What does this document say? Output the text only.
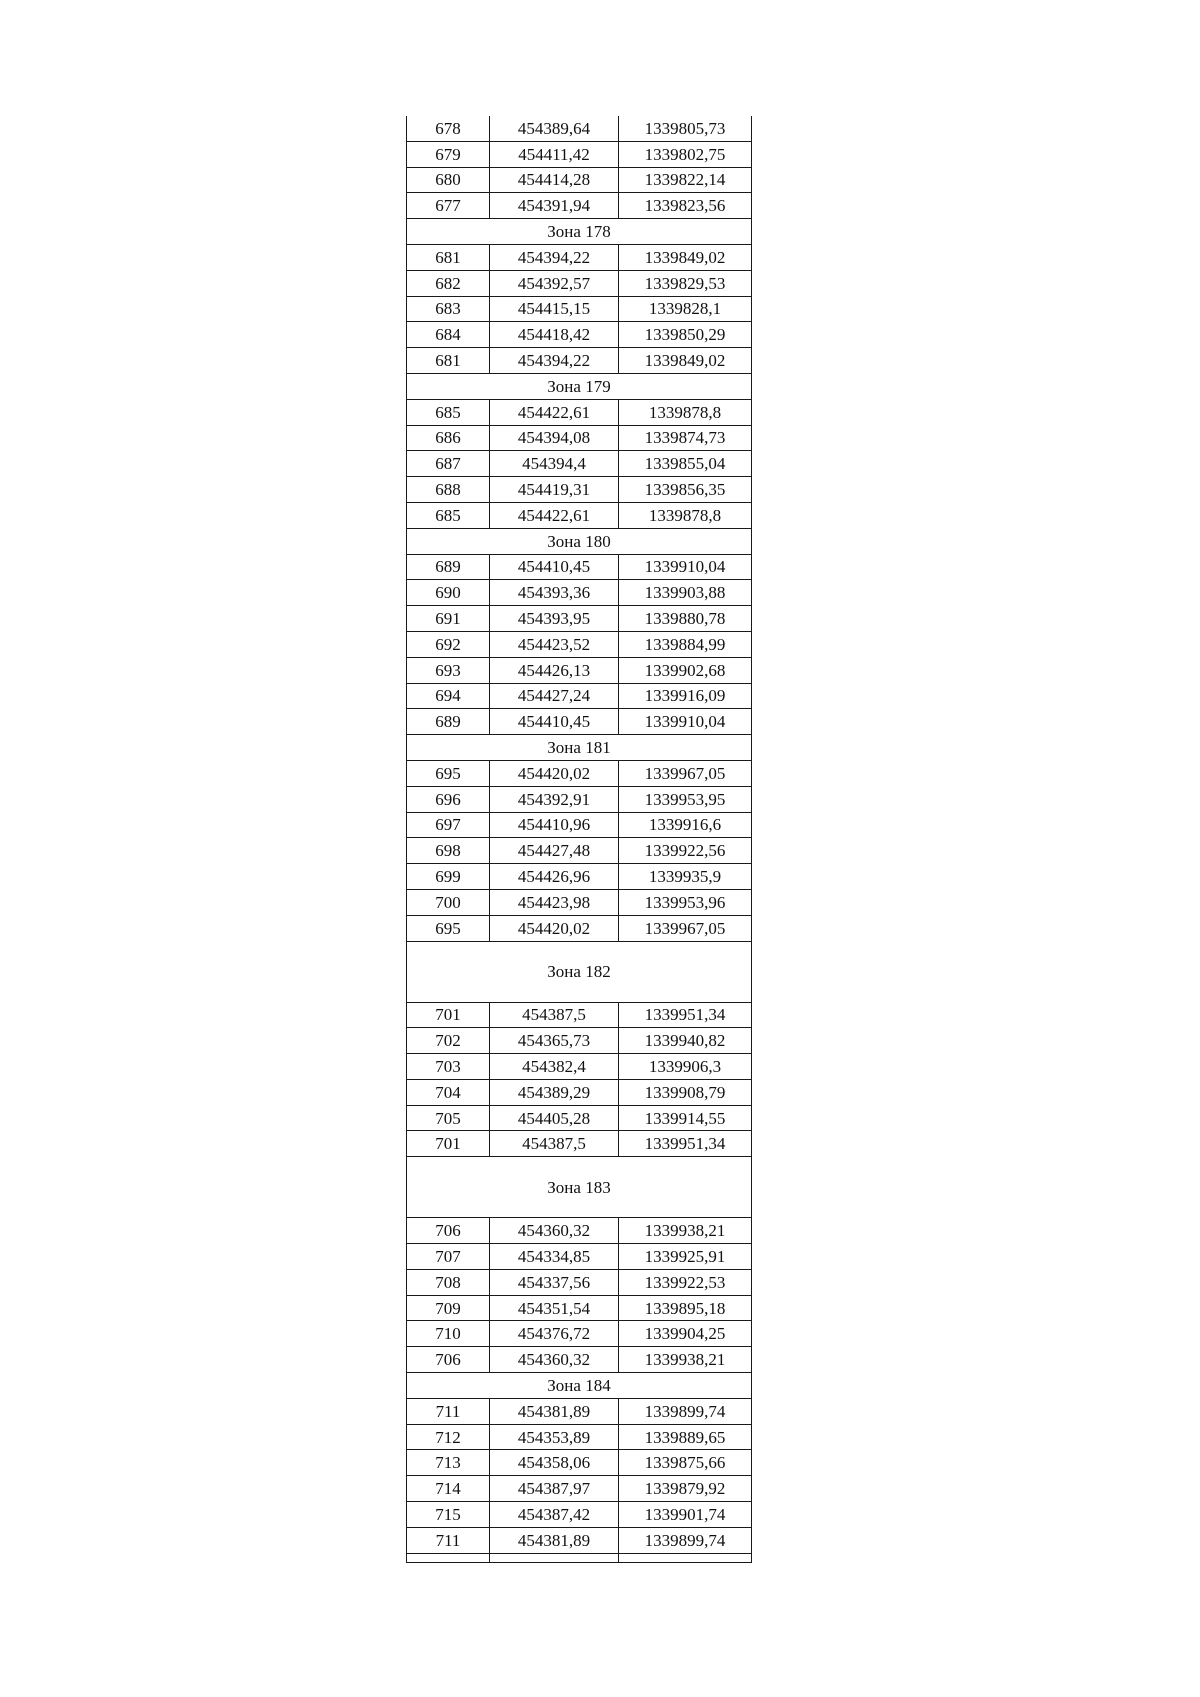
678	454389,64	1339805,73
679	454411,42	1339802,75
680	454414,28	1339822,14
677	454391,94	1339823,56
Зона 178		
681	454394,22	1339849,02
682	454392,57	1339829,53
683	454415,15	1339828,1
684	454418,42	1339850,29
681	454394,22	1339849,02
Зона 179		
685	454422,61	1339878,8
686	454394,08	1339874,73
687	454394,4	1339855,04
688	454419,31	1339856,35
685	454422,61	1339878,8
Зона 180		
689	454410,45	1339910,04
690	454393,36	1339903,88
691	454393,95	1339880,78
692	454423,52	1339884,99
693	454426,13	1339902,68
694	454427,24	1339916,09
689	454410,45	1339910,04
Зона 181		
695	454420,02	1339967,05
696	454392,91	1339953,95
697	454410,96	1339916,6
698	454427,48	1339922,56
699	454426,96	1339935,9
700	454423,98	1339953,96
695	454420,02	1339967,05
Зона 182		
701	454387,5	1339951,34
702	454365,73	1339940,82
703	454382,4	1339906,3
704	454389,29	1339908,79
705	454405,28	1339914,55
701	454387,5	1339951,34
Зона 183		
706	454360,32	1339938,21
707	454334,85	1339925,91
708	454337,56	1339922,53
709	454351,54	1339895,18
710	454376,72	1339904,25
706	454360,32	1339938,21
Зона 184		
711	454381,89	1339899,74
712	454353,89	1339889,65
713	454358,06	1339875,66
714	454387,97	1339879,92
715	454387,42	1339901,74
711	454381,89	1339899,74
